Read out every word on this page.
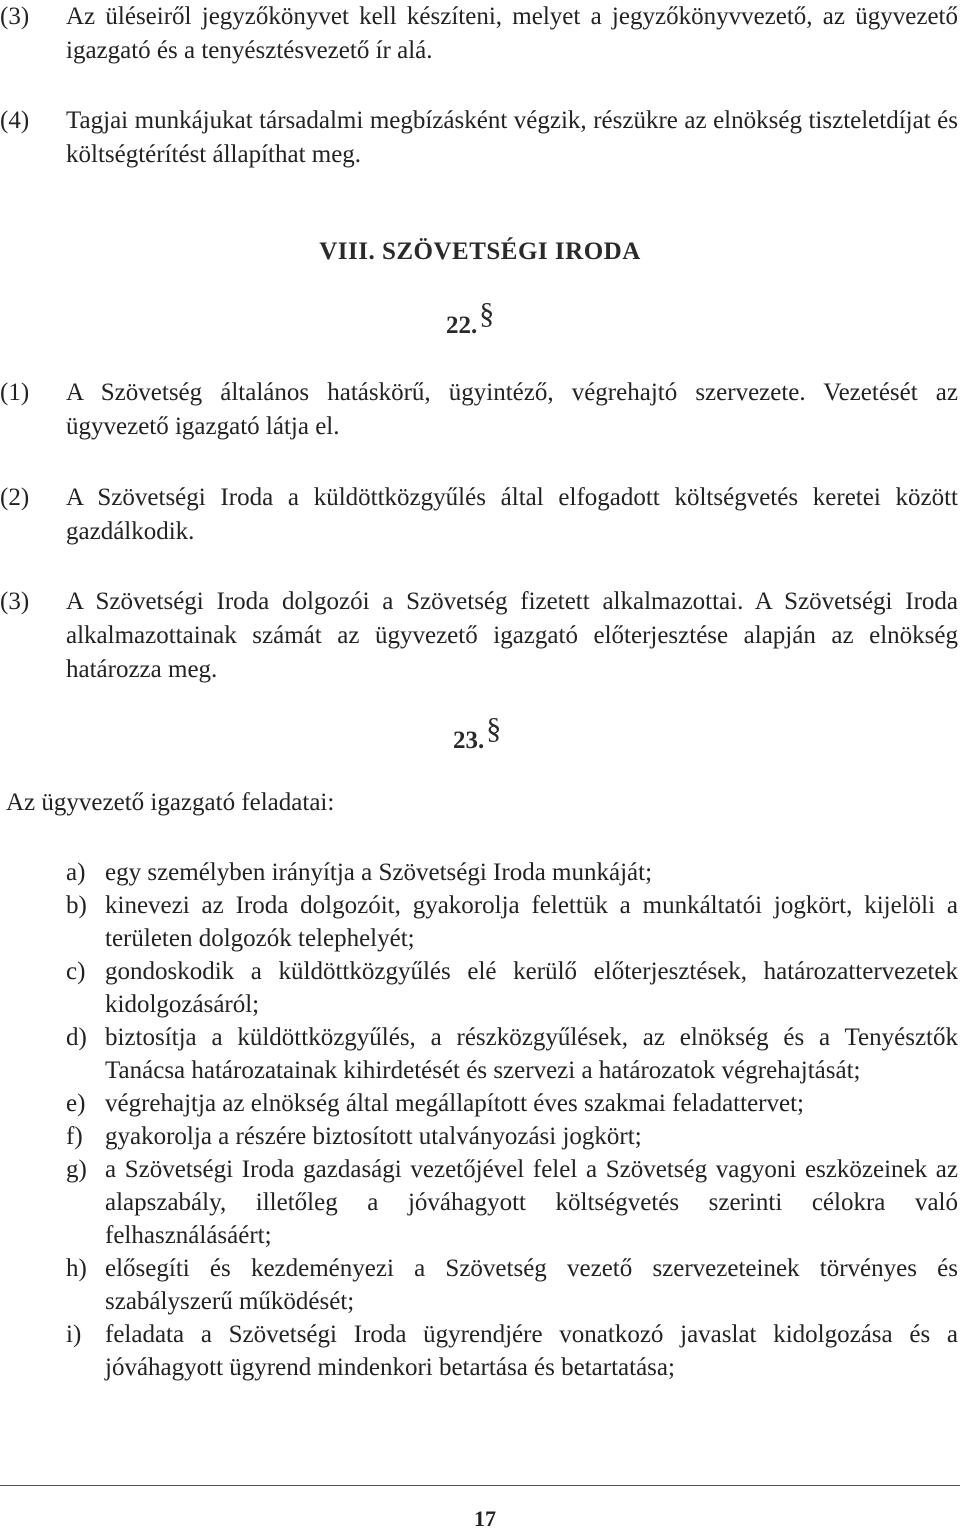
(3) Az üléseiről jegyzőkönyvet kell készíteni, melyet a jegyzőkönyvvezető, az ügyvezető igazgató és a tenyésztésvezető ír alá.
(4) Tagjai munkájukat társadalmi megbízásként végzik, részükre az elnökség tiszteletdíjat és költségtérítést állapíthat meg.
VIII. SZÖVETSÉGI IRODA
22.§
(1) A Szövetség általános hatáskörű, ügyintéző, végrehajtó szervezete. Vezetését az ügyvezető igazgató látja el.
(2) A Szövetségi Iroda a küldöttközgyűlés által elfogadott költségvetés keretei között gazdálkodik.
(3) A Szövetségi Iroda dolgozói a Szövetség fizetett alkalmazottai. A Szövetségi Iroda alkalmazottainak számát az ügyvezető igazgató előterjesztése alapján az elnökség határozza meg.
23.§
Az ügyvezető igazgató feladatai:
a) egy személyben irányítja a Szövetségi Iroda munkáját;
b) kinevezi az Iroda dolgozóit, gyakorolja felettük a munkáltatói jogkört, kijelöli a területen dolgozók telephelyét;
c) gondoskodik a küldöttközgyűlés elé kerülő előterjesztések, határozattervezetek kidolgozásáról;
d) biztosítja a küldöttközgyűlés, a részközgyűlések, az elnökség és a Tenyésztők Tanácsa határozatainak kihirdetését és szervezi a határozatok végrehajtását;
e) végrehajtja az elnökség által megállapított éves szakmai feladattervet;
f) gyakorolja a részére biztosított utalványozási jogkört;
g) a Szövetségi Iroda gazdasági vezetőjével felel a Szövetség vagyoni eszközeinek az alapszabály, illetőleg a jóváhagyott költségvetés szerinti célokra való felhasználásáért;
h) elősegíti és kezdeményezi a Szövetség vezető szervezeteinek törvényes és szabályszerű működését;
i) feladata a Szövetségi Iroda ügyrendjére vonatkozó javaslat kidolgozása és a jóváhagyott ügyrend mindenkori betartása és betartatása;
17
